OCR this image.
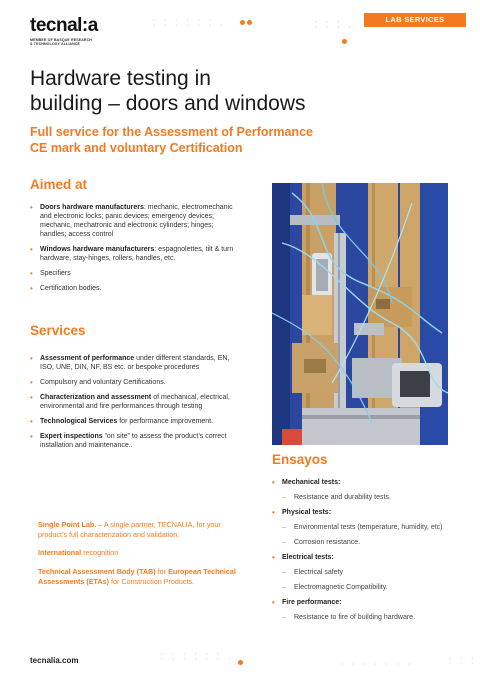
tecnal:a
MEMBER OF BASQUE RESEARCH
& TECHNOLOGY ALLIANCE
· · · · · ·
· · · · · · ·	· · ·
· · · ·
LAB SERVICES
Hardware testing in
building – doors and windows
Full service for the Assessment of Performance
CE mark and voluntary Certification
Aimed at
• Doors hardware manufacturers: mechanic, electromechanic and electronic locks; panic devices; emergency devices; mechanic, mechatronic and electronic cylinders; hinges; handles; access control
• Windows hardware manufacturers: espagnolettes, tilt & turn hardware, stay-hinges, rollers, handles, etc.
• Specifiers
• Certification bodies.
Services
• Assessment of performance under different standards, EN, ISO, UNE, DIN, NF, BS etc. or bespoke procedures
• Compulsory and voluntary Certifications.
• Characterization and assessment of mechanical, electrical, environmental and fire performances through testing
• Technological Services for performance improvement.
• Expert inspections “on site” to assess the product’s correct installation and maintenance..
Ensayos
• Mechanical tests:
– Resistance and durability tests.
• Physical tests:
– Environmental tests (temperature, humidity, etc)
– Corrosion resistance.
• Electrical tests:
– Electrical safety
– Electromagnetic Compatibility.
• Fire performance:
– Resistance to fire of building hardware.
Single Point Lab. – A single partner, TECNALIA, for your product’s full characterization and validation.
International recognition
Technical Assessment Body (TAB) for European Technical Assessments (ETAs) for Construction Products.
tecnalia.com
· · · · · ·
· · · · · · ·
· · · · · · ·
· · ·
· · ·
